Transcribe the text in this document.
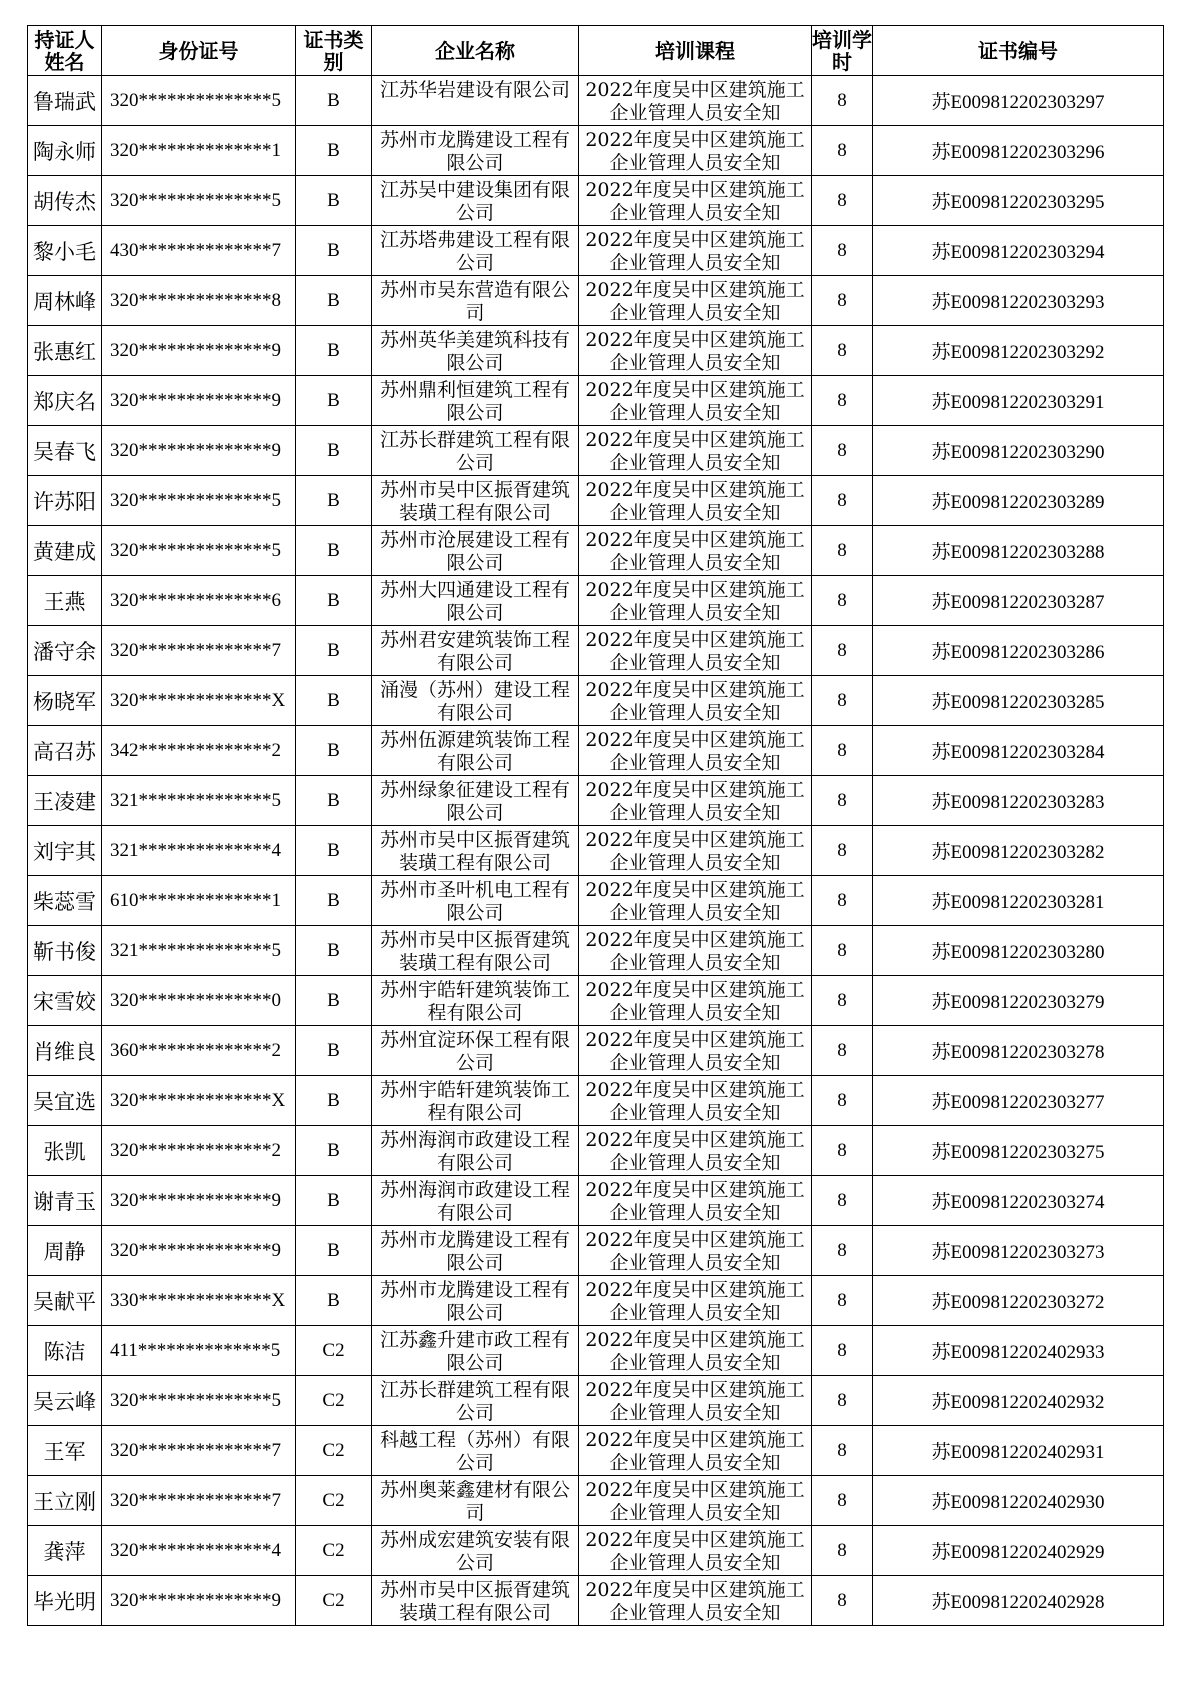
持证人姓名	身份证号	证书类别	企业名称	培训课程	培训学时	证书编号
鲁瑞武	320**************5	B	江苏华岩建设有限公司	2022年度吴中区建筑施工企业管理人员安全知	8	苏E009812202303297
陶永师	320**************1	B	苏州市龙腾建设工程有限公司	2022年度吴中区建筑施工企业管理人员安全知	8	苏E009812202303296
胡传杰	320**************5	B	江苏吴中建设集团有限公司	2022年度吴中区建筑施工企业管理人员安全知	8	苏E009812202303295
黎小毛	430**************7	B	江苏塔弗建设工程有限公司	2022年度吴中区建筑施工企业管理人员安全知	8	苏E009812202303294
周林峰	320**************8	B	苏州市吴东营造有限公司	2022年度吴中区建筑施工企业管理人员安全知	8	苏E009812202303293
张惠红	320**************9	B	苏州英华美建筑科技有限公司	2022年度吴中区建筑施工企业管理人员安全知	8	苏E009812202303292
郑庆名	320**************9	B	苏州鼎利恒建筑工程有限公司	2022年度吴中区建筑施工企业管理人员安全知	8	苏E009812202303291
吴春飞	320**************9	B	江苏长群建筑工程有限公司	2022年度吴中区建筑施工企业管理人员安全知	8	苏E009812202303290
许苏阳	320**************5	B	苏州市吴中区振胥建筑装璜工程有限公司	2022年度吴中区建筑施工企业管理人员安全知	8	苏E009812202303289
黄建成	320**************5	B	苏州市沧展建设工程有限公司	2022年度吴中区建筑施工企业管理人员安全知	8	苏E009812202303288
王燕	320**************6	B	苏州大四通建设工程有限公司	2022年度吴中区建筑施工企业管理人员安全知	8	苏E009812202303287
潘守余	320**************7	B	苏州君安建筑装饰工程有限公司	2022年度吴中区建筑施工企业管理人员安全知	8	苏E009812202303286
杨晓军	320**************X	B	涌漫（苏州）建设工程有限公司	2022年度吴中区建筑施工企业管理人员安全知	8	苏E009812202303285
高召苏	342**************2	B	苏州伍源建筑装饰工程有限公司	2022年度吴中区建筑施工企业管理人员安全知	8	苏E009812202303284
王凌建	321**************5	B	苏州绿象征建设工程有限公司	2022年度吴中区建筑施工企业管理人员安全知	8	苏E009812202303283
刘宇其	321**************4	B	苏州市吴中区振胥建筑装璜工程有限公司	2022年度吴中区建筑施工企业管理人员安全知	8	苏E009812202303282
柴蕊雪	610**************1	B	苏州市圣叶机电工程有限公司	2022年度吴中区建筑施工企业管理人员安全知	8	苏E009812202303281
靳书俊	321**************5	B	苏州市吴中区振胥建筑装璜工程有限公司	2022年度吴中区建筑施工企业管理人员安全知	8	苏E009812202303280
宋雪姣	320**************0	B	苏州宇皓轩建筑装饰工程有限公司	2022年度吴中区建筑施工企业管理人员安全知	8	苏E009812202303279
肖维良	360**************2	B	苏州宜淀环保工程有限公司	2022年度吴中区建筑施工企业管理人员安全知	8	苏E009812202303278
吴宜选	320**************X	B	苏州宇皓轩建筑装饰工程有限公司	2022年度吴中区建筑施工企业管理人员安全知	8	苏E009812202303277
张凯	320**************2	B	苏州海润市政建设工程有限公司	2022年度吴中区建筑施工企业管理人员安全知	8	苏E009812202303275
谢青玉	320**************9	B	苏州海润市政建设工程有限公司	2022年度吴中区建筑施工企业管理人员安全知	8	苏E009812202303274
周静	320**************9	B	苏州市龙腾建设工程有限公司	2022年度吴中区建筑施工企业管理人员安全知	8	苏E009812202303273
吴献平	330**************X	B	苏州市龙腾建设工程有限公司	2022年度吴中区建筑施工企业管理人员安全知	8	苏E009812202303272
陈洁	411**************5	C2	江苏鑫升建市政工程有限公司	2022年度吴中区建筑施工企业管理人员安全知	8	苏E009812202402933
吴云峰	320**************5	C2	江苏长群建筑工程有限公司	2022年度吴中区建筑施工企业管理人员安全知	8	苏E009812202402932
王军	320**************7	C2	科越工程（苏州）有限公司	2022年度吴中区建筑施工企业管理人员安全知	8	苏E009812202402931
王立刚	320**************7	C2	苏州奥莱鑫建材有限公司	2022年度吴中区建筑施工企业管理人员安全知	8	苏E009812202402930
龚萍	320**************4	C2	苏州成宏建筑安装有限公司	2022年度吴中区建筑施工企业管理人员安全知	8	苏E009812202402929
毕光明	320**************9	C2	苏州市吴中区振胥建筑装璜工程有限公司	2022年度吴中区建筑施工企业管理人员安全知	8	苏E009812202402928
